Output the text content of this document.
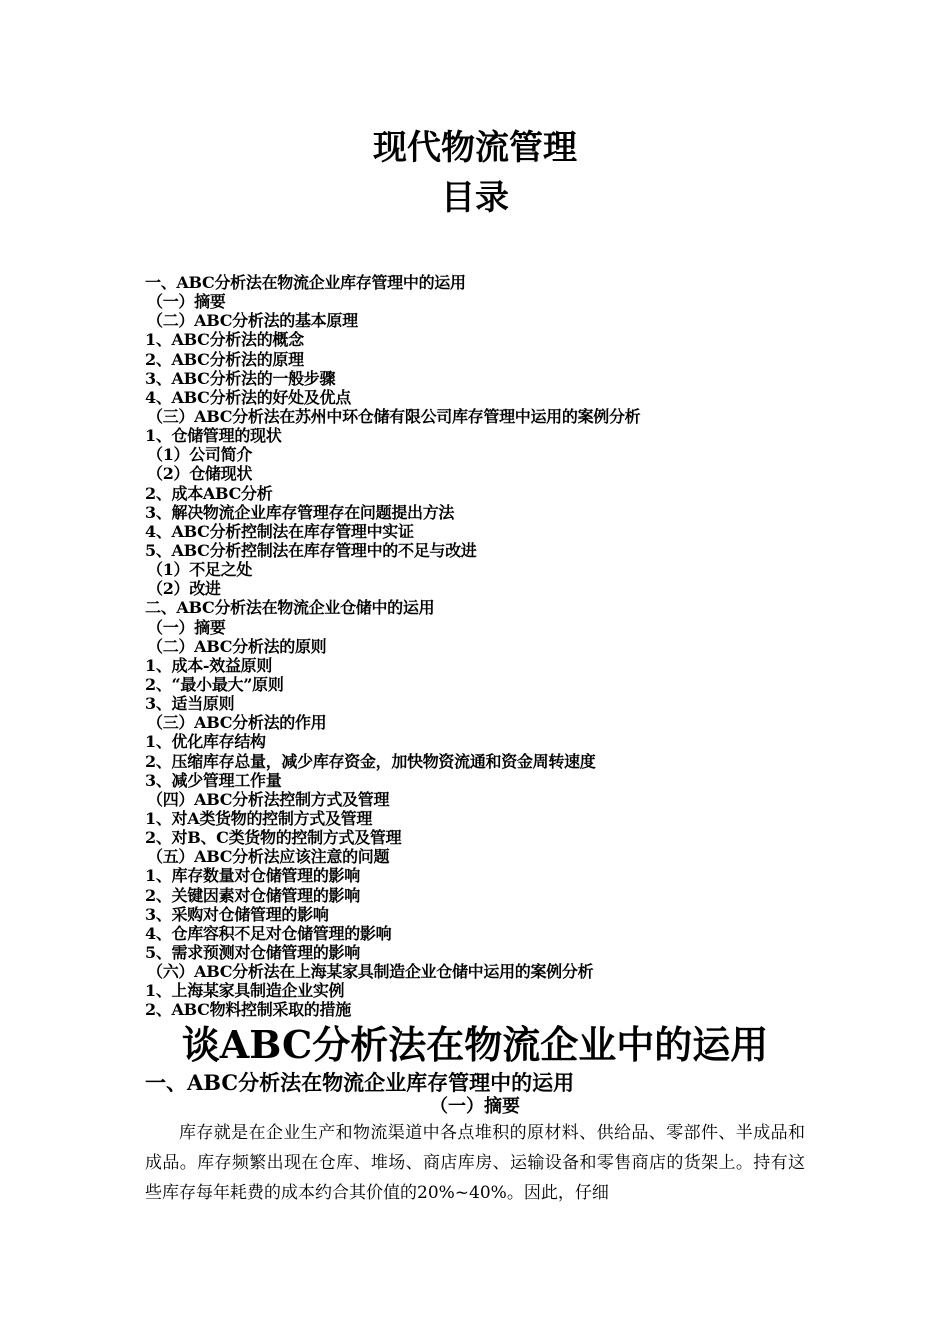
现代物流管理
目录
一、ABC分析法在物流企业库存管理中的运用
（一）摘要
（二）ABC分析法的基本原理
1、ABC分析法的概念
2、ABC分析法的原理
3、ABC分析法的一般步骤
4、ABC分析法的好处及优点
（三）ABC分析法在苏州中环仓储有限公司库存管理中运用的案例分析
1、仓储管理的现状
（1）公司简介
（2）仓储现状
2、成本ABC分析
3、解决物流企业库存管理存在问题提出方法
4、ABC分析控制法在库存管理中实证
5、ABC分析控制法在库存管理中的不足与改进
（1）不足之处
（2）改进
二、ABC分析法在物流企业仓储中的运用
（一）摘要
（二）ABC分析法的原则
1、成本-效益原则
2、“最小最大”原则
3、适当原则
（三）ABC分析法的作用
1、优化库存结构
2、压缩库存总量，减少库存资金，加快物资流通和资金周转速度
3、减少管理工作量
（四）ABC分析法控制方式及管理
1、对A类货物的控制方式及管理
2、对B、C类货物的控制方式及管理
（五）ABC分析法应该注意的问题
1、库存数量对仓储管理的影响
2、关键因素对仓储管理的影响
3、采购对仓储管理的影响
4、仓库容积不足对仓储管理的影响
5、需求预测对仓储管理的影响
（六）ABC分析法在上海某家具制造企业仓储中运用的案例分析
1、上海某家具制造企业实例
2、ABC物料控制采取的措施
谈ABC分析法在物流企业中的运用
一、ABC分析法在物流企业库存管理中的运用
（一）摘要
库存就是在企业生产和物流渠道中各点堆积的原材料、供给品、零部件、半成品和成品。库存频繁出现在仓库、堆场、商店库房、运输设备和零售商店的货架上。持有这些库存每年耗费的成本约合其价值的20%~40%。因此，仔细
